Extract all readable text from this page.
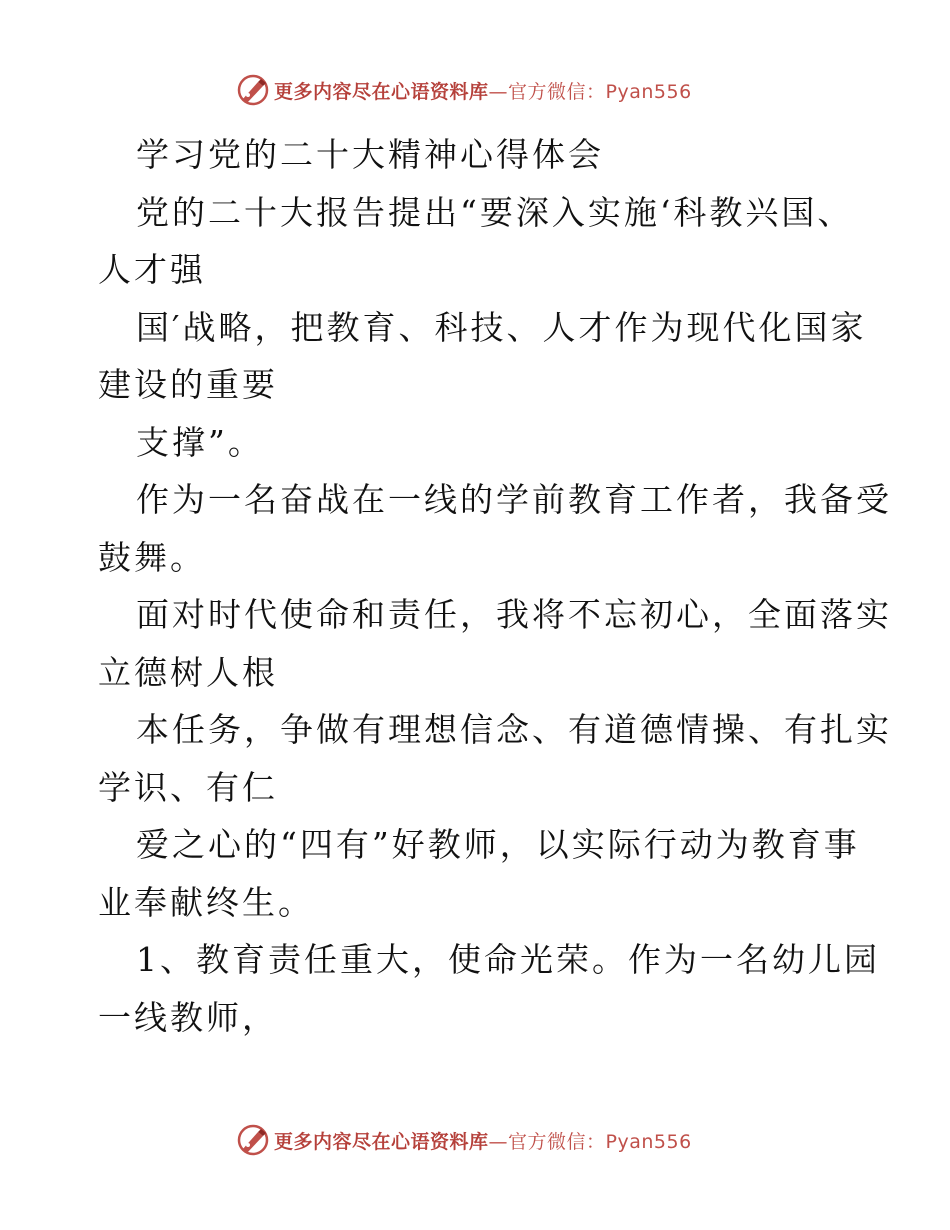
更多内容尽在心语资料库 —官方微信：Pyan556
学习党的二十大精神心得体会
党的二十大报告提出“要深入实施‘科教兴国、
人才强
国′战略，把教育、科技、人才作为现代化国家
建设的重要
支撑”。
作为一名奋战在一线的学前教育工作者，我备受
鼓舞。
面对时代使命和责任，我将不忘初心，全面落实
立德树人根
本任务，争做有理想信念、有道德情操、有扎实
学识、有仁
爱之心的“四有”好教师，以实际行动为教育事
业奉献终生。
1、教育责任重大，使命光荣。作为一名幼儿园
一线教师，
更多内容尽在心语资料库 —官方微信：Pyan556
